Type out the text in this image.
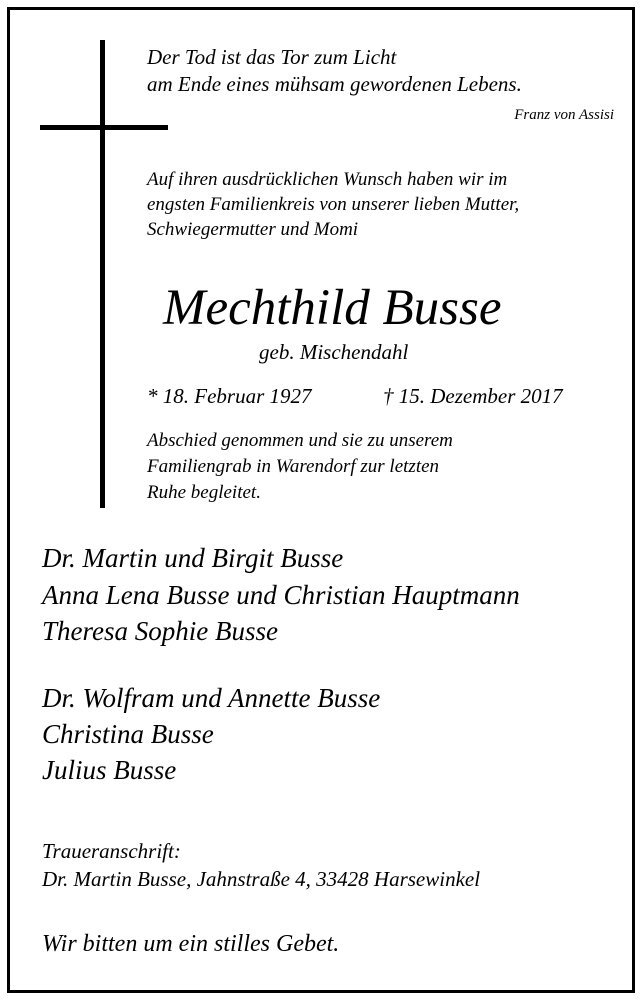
Der Tod ist das Tor zum Licht

am Ende eines mühsam gewordenen Lebens.

Franz von Assisi

Auf ihren ausdrücklichen Wunsch haben wir im

engsten Familienkreis von unserer lieben Mutter,

Schwiegermutter und Momi

Mechthild Busse

geb. Mischendahl

* 18. Februar 1927	† 15. Dezember 2017

Abschied genommen und sie zu unserem

Familiengrab in Warendorf zur letzten

Ruhe begleitet.

Dr. Martin und Birgit Busse

Anna Lena Busse und Christian Hauptmann

Theresa Sophie Busse

Dr. Wolfram und Annette Busse

Christina Busse

Julius Busse

Traueranschrift:

Dr. Martin Busse, Jahnstraße 4, 33428 Harsewinkel

Wir bitten um ein stilles Gebet.
